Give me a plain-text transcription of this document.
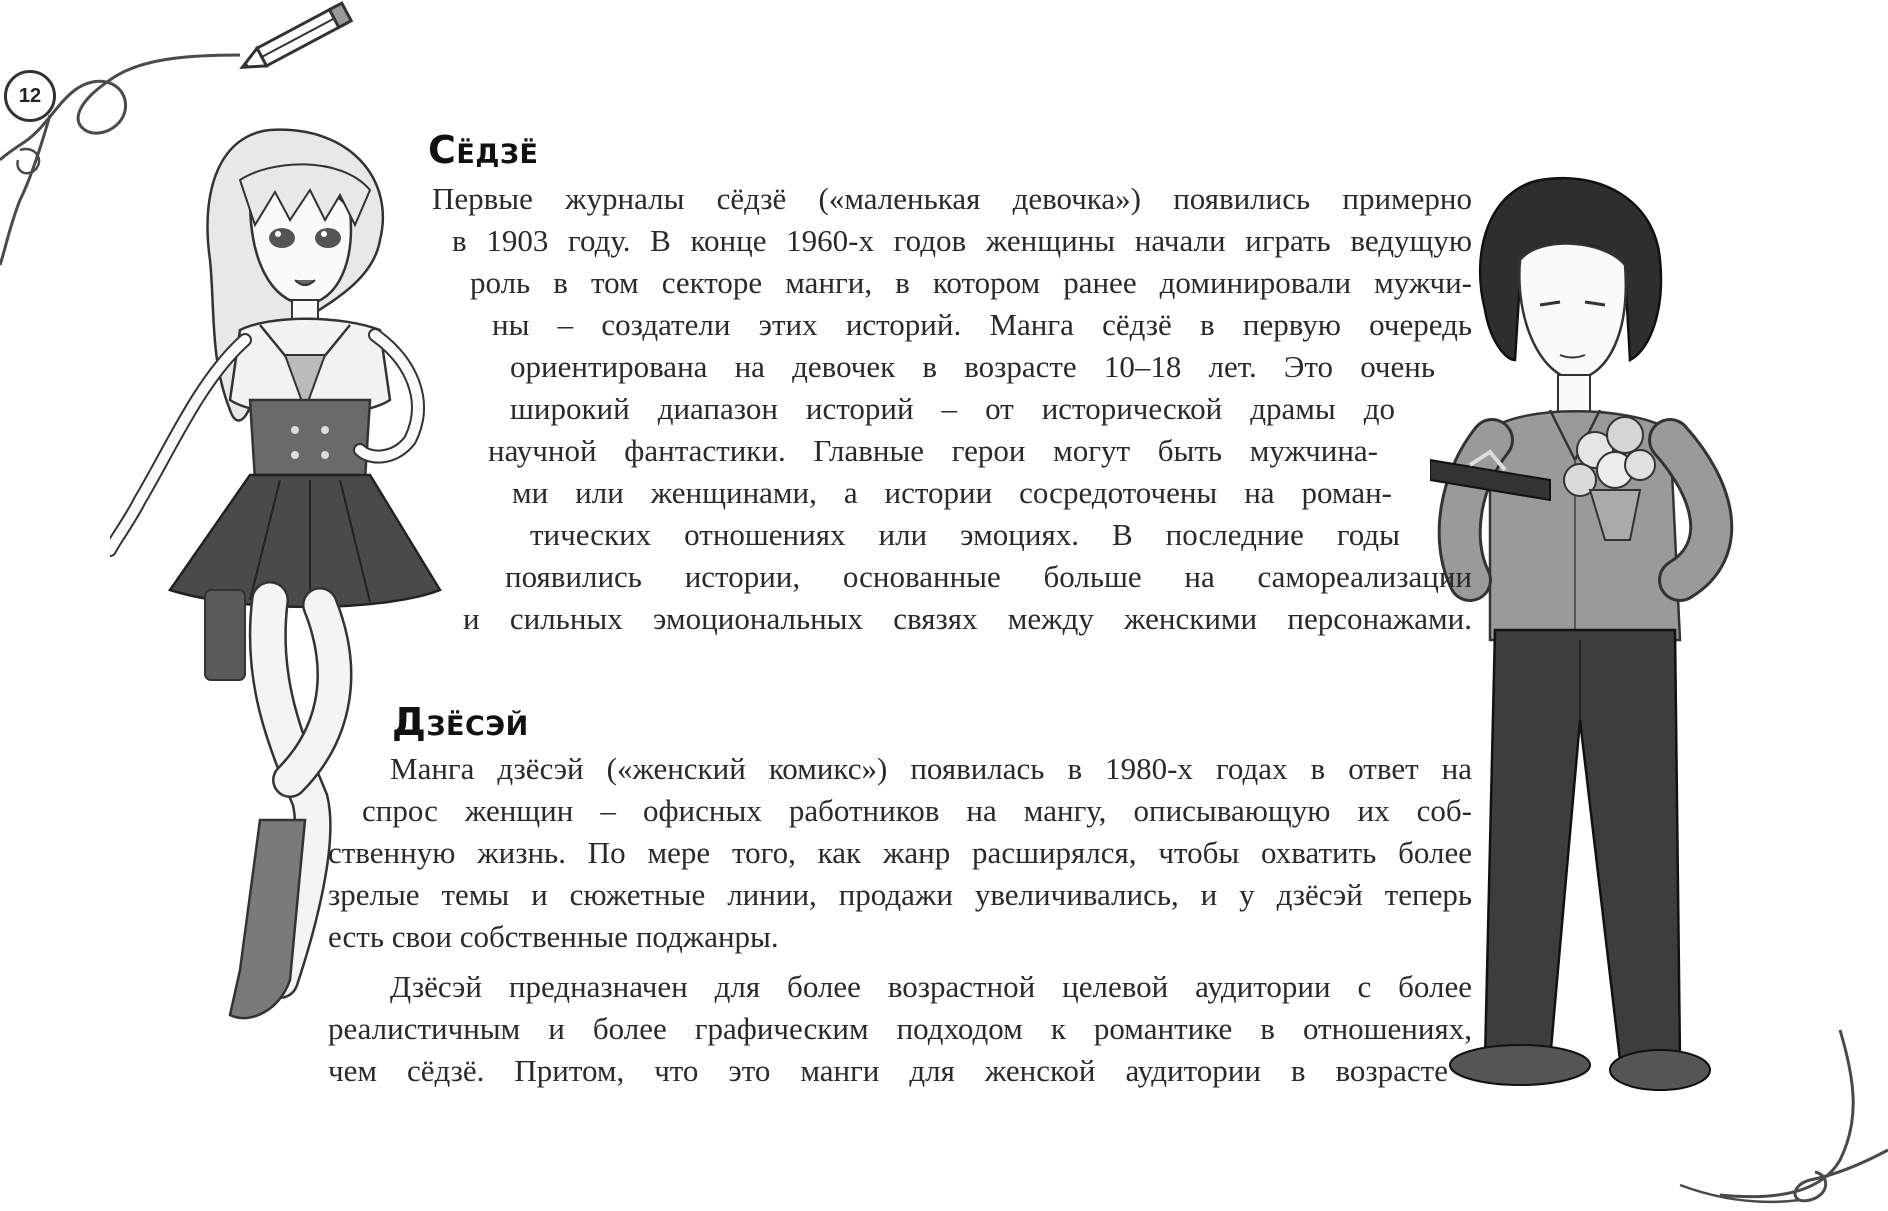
12
Сёдзё
Первые журналы сёдзё («маленькая девочка») появились примерно
в 1903 году. В конце 1960-х годов женщины начали играть ведущую
роль в том секторе манги, в котором ранее доминировали мужчи-
ны – создатели этих историй. Манга сёдзё в первую очередь
ориентирована на девочек в возрасте 10–18 лет. Это очень
широкий диапазон историй – от исторической драмы до
научной фантастики. Главные герои могут быть мужчина-
ми или женщинами, а истории сосредоточены на роман-
тических отношениях или эмоциях. В последние годы
появились истории, основанные больше на самореализации
и сильных эмоциональных связях между женскими персонажами.
Дзёсэй
Манга дзёсэй («женский комикс») появилась в 1980-х годах в ответ на
спрос женщин – офисных работников на мангу, описывающую их соб-
ственную жизнь. По мере того, как жанр расширялся, чтобы охватить более
зрелые темы и сюжетные линии, продажи увеличивались, и у дзёсэй теперь
есть свои собственные поджанры.
Дзёсэй предназначен для более возрастной целевой аудитории с более
реалистичным и более графическим подходом к романтике в отношениях,
чем сёдзё. Притом, что это манги для женской аудитории в возрасте
